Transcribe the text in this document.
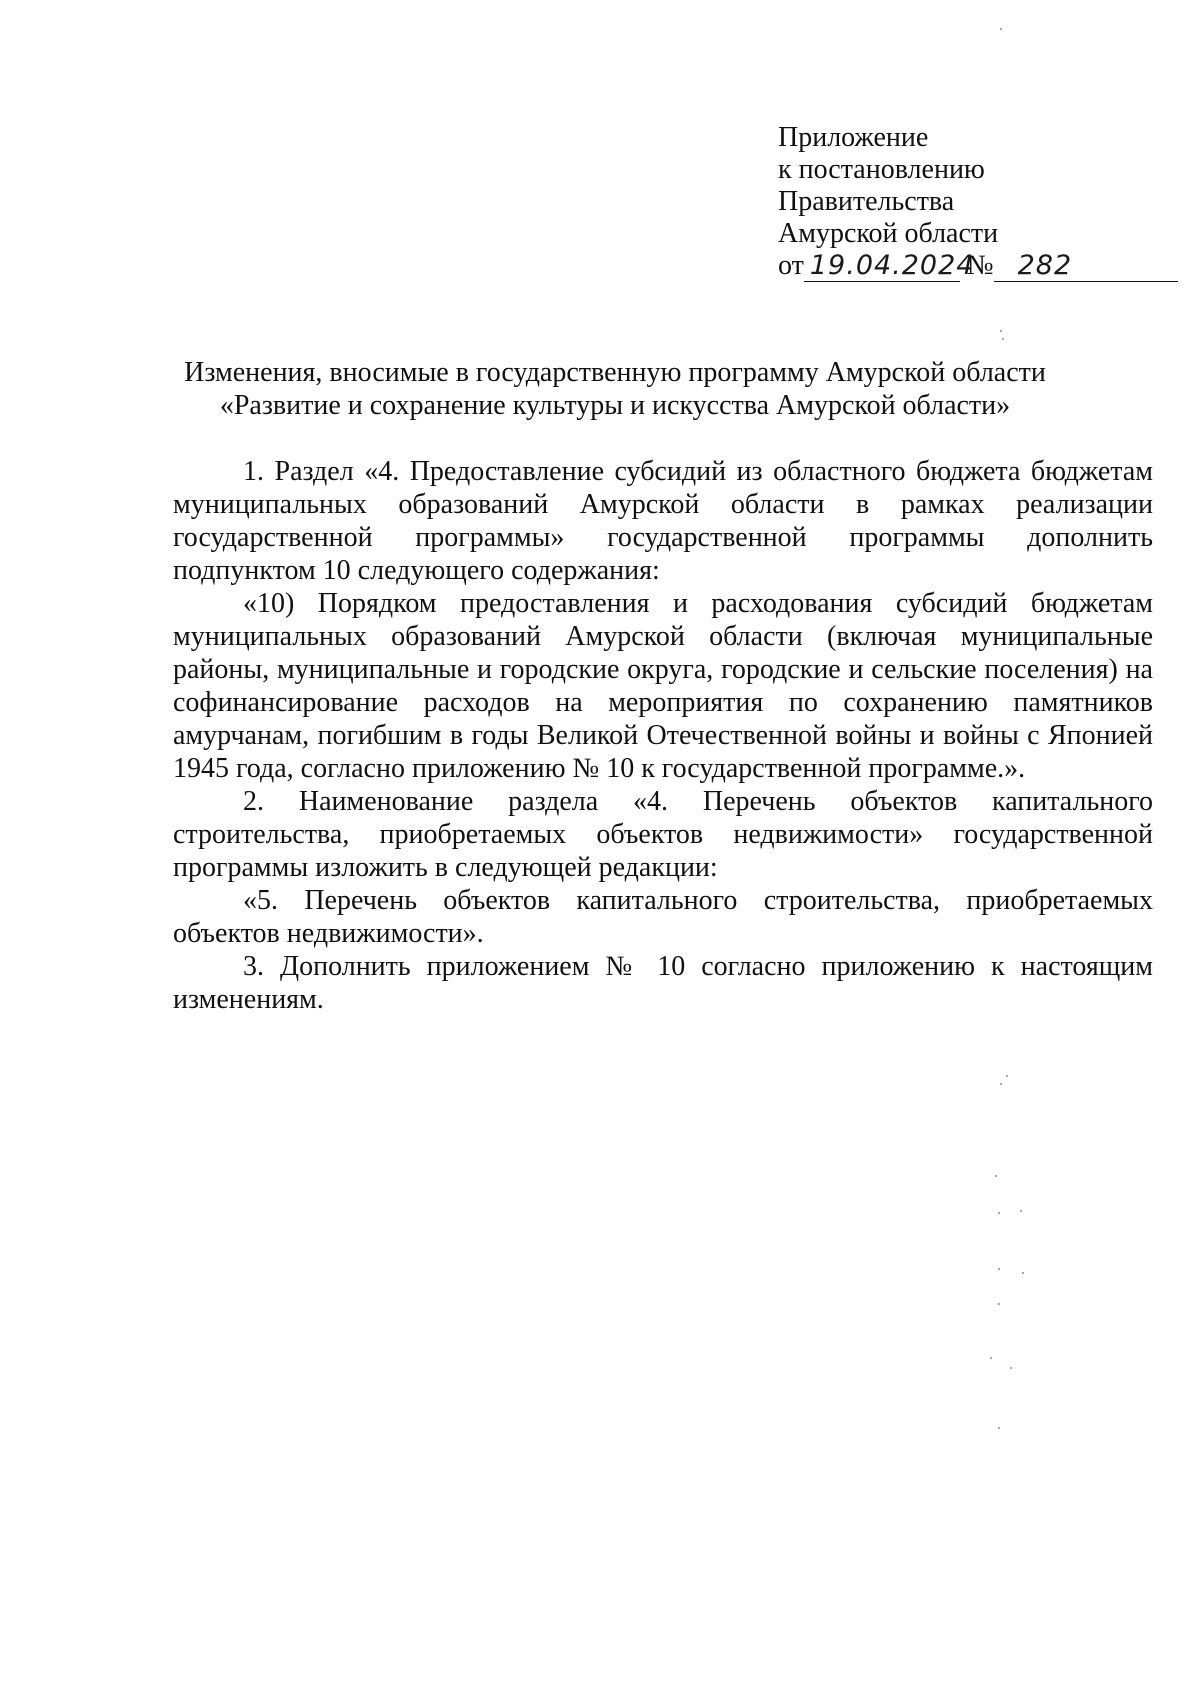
Приложение
к постановлению
Правительства
Амурской области
от 19.04.2024 № 282
Изменения, вносимые в государственную программу Амурской области
«Развитие и сохранение культуры и искусства Амурской области»

1. Раздел «4. Предоставление субсидий из областного бюджета бюджетам муниципальных образований Амурской области в рамках реализации государственной программы» государственной программы дополнить подпунктом 10 следующего содержания:

«10) Порядком предоставления и расходования субсидий бюджетам муниципальных образований Амурской области (включая муниципальные районы, муниципальные и городские округа, городские и сельские поселения) на софинансирование расходов на мероприятия по сохранению памятников амурчанам, погибшим в годы Великой Отечественной войны и войны с Японией 1945 года, согласно приложению № 10 к государственной программе.».

2. Наименование раздела «4. Перечень объектов капитального строительства, приобретаемых объектов недвижимости» государственной программы изложить в следующей редакции:

«5. Перечень объектов капитального строительства, приобретаемых объектов недвижимости».

3. Дополнить приложением № 10 согласно приложению к настоящим изменениям.
